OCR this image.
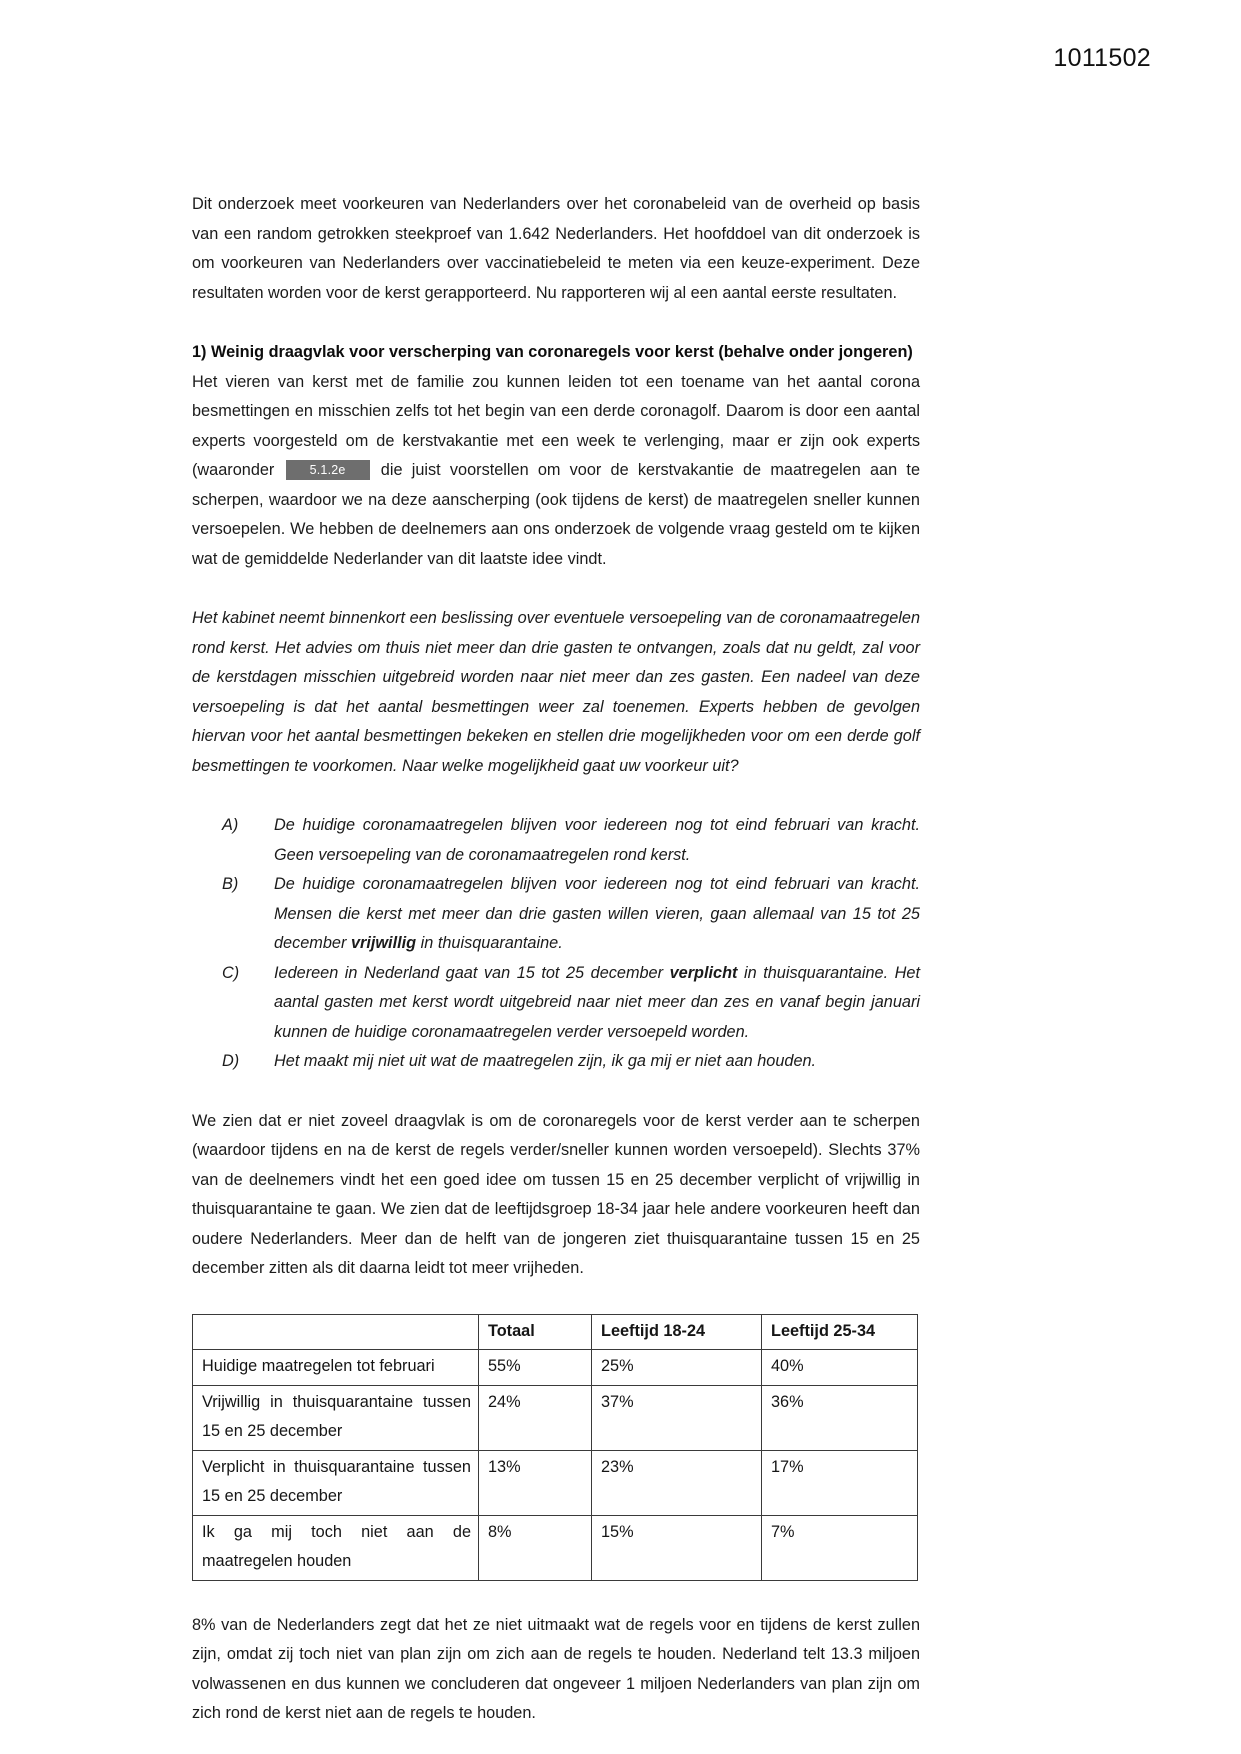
1011502

Dit onderzoek meet voorkeuren van Nederlanders over het coronabeleid van de overheid op basis van een random getrokken steekproef van 1.642 Nederlanders. Het hoofddoel van dit onderzoek is om voorkeuren van Nederlanders over vaccinatiebeleid te meten via een keuze-experiment. Deze resultaten worden voor de kerst gerapporteerd. Nu rapporteren wij al een aantal eerste resultaten.

1) Weinig draagvlak voor verscherping van coronaregels voor kerst (behalve onder jongeren)

Het vieren van kerst met de familie zou kunnen leiden tot een toename van het aantal corona besmettingen en misschien zelfs tot het begin van een derde coronagolf. Daarom is door een aantal experts voorgesteld om de kerstvakantie met een week te verlenging, maar er zijn ook experts (waaronder 5.1.2e die juist voorstellen om voor de kerstvakantie de maatregelen aan te scherpen, waardoor we na deze aanscherping (ook tijdens de kerst) de maatregelen sneller kunnen versoepelen. We hebben de deelnemers aan ons onderzoek de volgende vraag gesteld om te kijken wat de gemiddelde Nederlander van dit laatste idee vindt.

Het kabinet neemt binnenkort een beslissing over eventuele versoepeling van de coronamaatregelen rond kerst. Het advies om thuis niet meer dan drie gasten te ontvangen, zoals dat nu geldt, zal voor de kerstdagen misschien uitgebreid worden naar niet meer dan zes gasten. Een nadeel van deze versoepeling is dat het aantal besmettingen weer zal toenemen. Experts hebben de gevolgen hiervan voor het aantal besmettingen bekeken en stellen drie mogelijkheden voor om een derde golf besmettingen te voorkomen. Naar welke mogelijkheid gaat uw voorkeur uit?

A)	De huidige coronamaatregelen blijven voor iedereen nog tot eind februari van kracht. Geen versoepeling van de coronamaatregelen rond kerst.
B)	De huidige coronamaatregelen blijven voor iedereen nog tot eind februari van kracht. Mensen die kerst met meer dan drie gasten willen vieren, gaan allemaal van 15 tot 25 december vrijwillig in thuisquarantaine.
C)	Iedereen in Nederland gaat van 15 tot 25 december verplicht in thuisquarantaine. Het aantal gasten met kerst wordt uitgebreid naar niet meer dan zes en vanaf begin januari kunnen de huidige coronamaatregelen verder versoepeld worden.
D)	Het maakt mij niet uit wat de maatregelen zijn, ik ga mij er niet aan houden.

We zien dat er niet zoveel draagvlak is om de coronaregels voor de kerst verder aan te scherpen (waardoor tijdens en na de kerst de regels verder/sneller kunnen worden versoepeld). Slechts 37% van de deelnemers vindt het een goed idee om tussen 15 en 25 december verplicht of vrijwillig in thuisquarantaine te gaan. We zien dat de leeftijdsgroep 18-34 jaar hele andere voorkeuren heeft dan oudere Nederlanders. Meer dan de helft van de jongeren ziet thuisquarantaine tussen 15 en 25 december zitten als dit daarna leidt tot meer vrijheden.

	Totaal	Leeftijd 18-24	Leeftijd 25-34
Huidige maatregelen tot februari	55%	25%	40%
Vrijwillig in thuisquarantaine tussen 15 en 25 december	24%	37%	36%
Verplicht in thuisquarantaine tussen 15 en 25 december	13%	23%	17%
Ik ga mij toch niet aan de maatregelen houden	8%	15%	7%

8% van de Nederlanders zegt dat het ze niet uitmaakt wat de regels voor en tijdens de kerst zullen zijn, omdat zij toch niet van plan zijn om zich aan de regels te houden. Nederland telt 13.3 miljoen volwassenen en dus kunnen we concluderen dat ongeveer 1 miljoen Nederlanders van plan zijn om zich rond de kerst niet aan de regels te houden.
